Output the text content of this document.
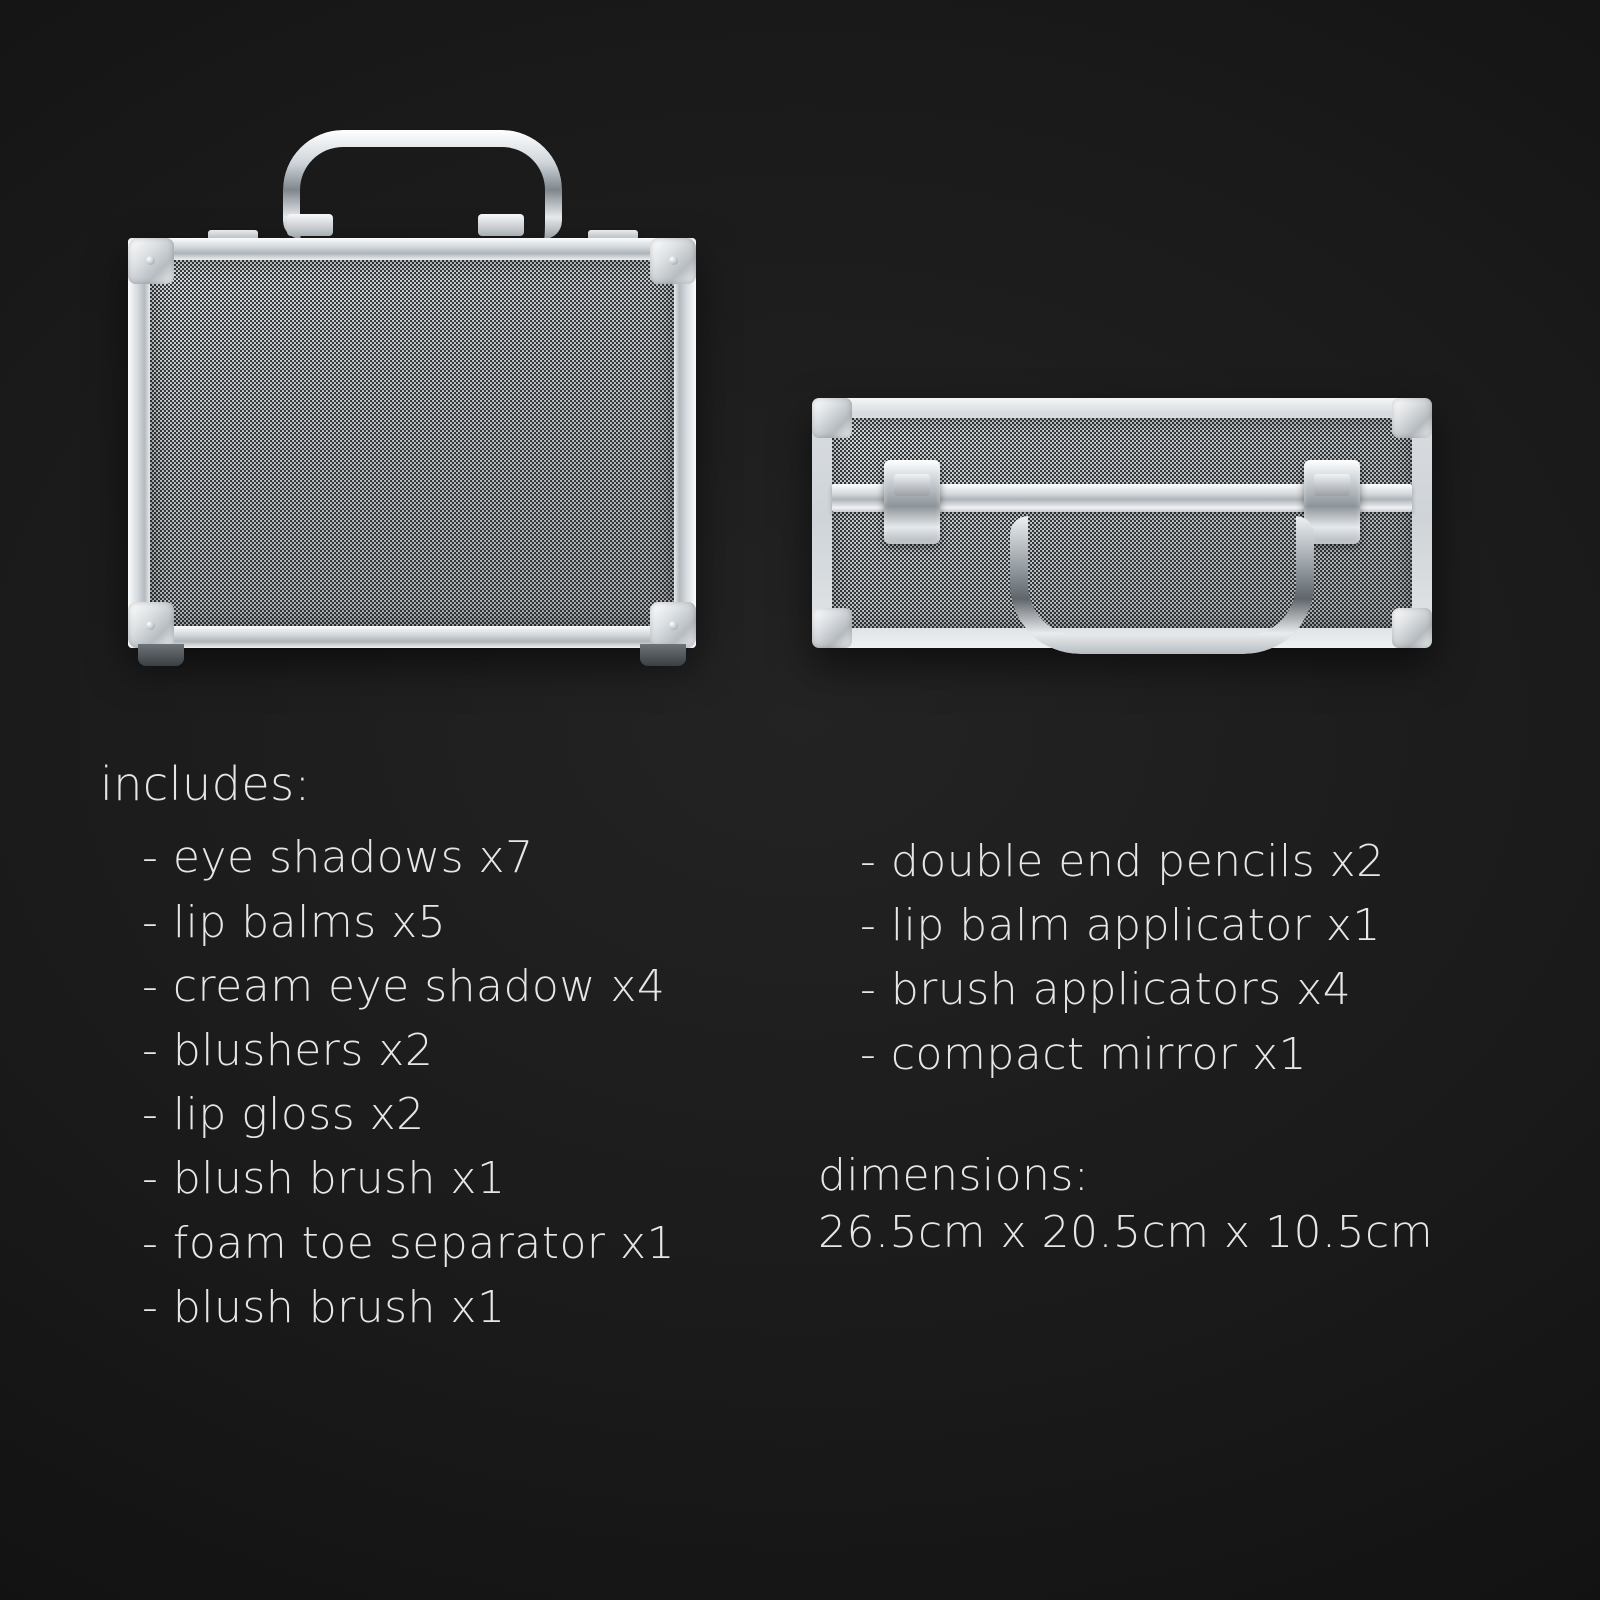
includes:
- eye shadows x7
- lip balms x5
- cream eye shadow x4
- blushers x2
- lip gloss x2
- blush brush x1
- foam toe separator x1
- blush brush x1
- double end pencils x2
- lip balm applicator x1
- brush applicators x4
- compact mirror x1
dimensions:
26.5cm x 20.5cm x 10.5cm
